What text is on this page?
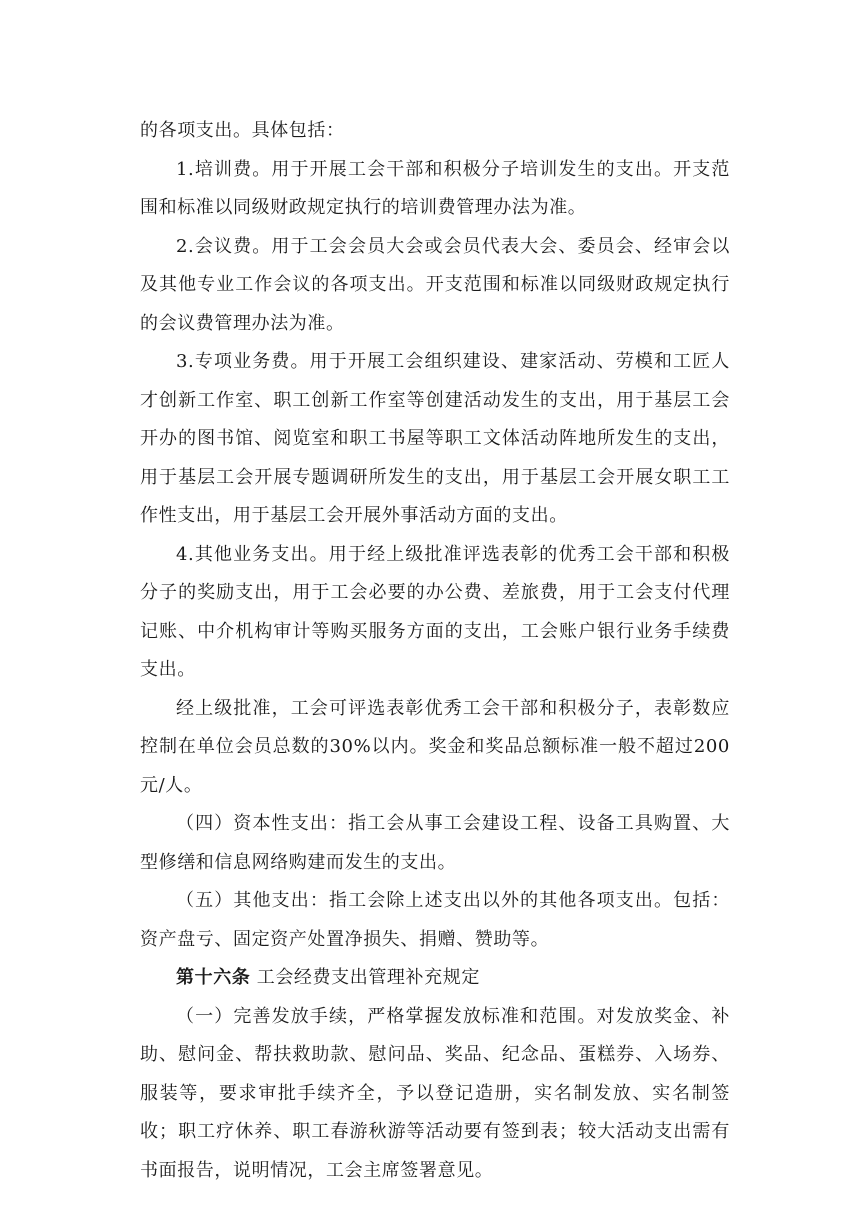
的各项支出。具体包括：

1.培训费。用于开展工会干部和积极分子培训发生的支出。开支范围和标准以同级财政规定执行的培训费管理办法为准。

2.会议费。用于工会会员大会或会员代表大会、委员会、经审会以及其他专业工作会议的各项支出。开支范围和标准以同级财政规定执行的会议费管理办法为准。

3.专项业务费。用于开展工会组织建设、建家活动、劳模和工匠人才创新工作室、职工创新工作室等创建活动发生的支出，用于基层工会开办的图书馆、阅览室和职工书屋等职工文体活动阵地所发生的支出，用于基层工会开展专题调研所发生的支出，用于基层工会开展女职工工作性支出，用于基层工会开展外事活动方面的支出。

4.其他业务支出。用于经上级批准评选表彰的优秀工会干部和积极分子的奖励支出，用于工会必要的办公费、差旅费，用于工会支付代理记账、中介机构审计等购买服务方面的支出，工会账户银行业务手续费支出。

经上级批准，工会可评选表彰优秀工会干部和积极分子，表彰数应控制在单位会员总数的30%以内。奖金和奖品总额标准一般不超过200元/人。

（四）资本性支出：指工会从事工会建设工程、设备工具购置、大型修缮和信息网络购建而发生的支出。

（五）其他支出：指工会除上述支出以外的其他各项支出。包括：资产盘亏、固定资产处置净损失、捐赠、赞助等。

第十六条 工会经费支出管理补充规定

（一）完善发放手续，严格掌握发放标准和范围。对发放奖金、补助、慰问金、帮扶救助款、慰问品、奖品、纪念品、蛋糕券、入场券、服装等，要求审批手续齐全，予以登记造册，实名制发放、实名制签收；职工疗休养、职工春游秋游等活动要有签到表；较大活动支出需有书面报告，说明情况，工会主席签署意见。
